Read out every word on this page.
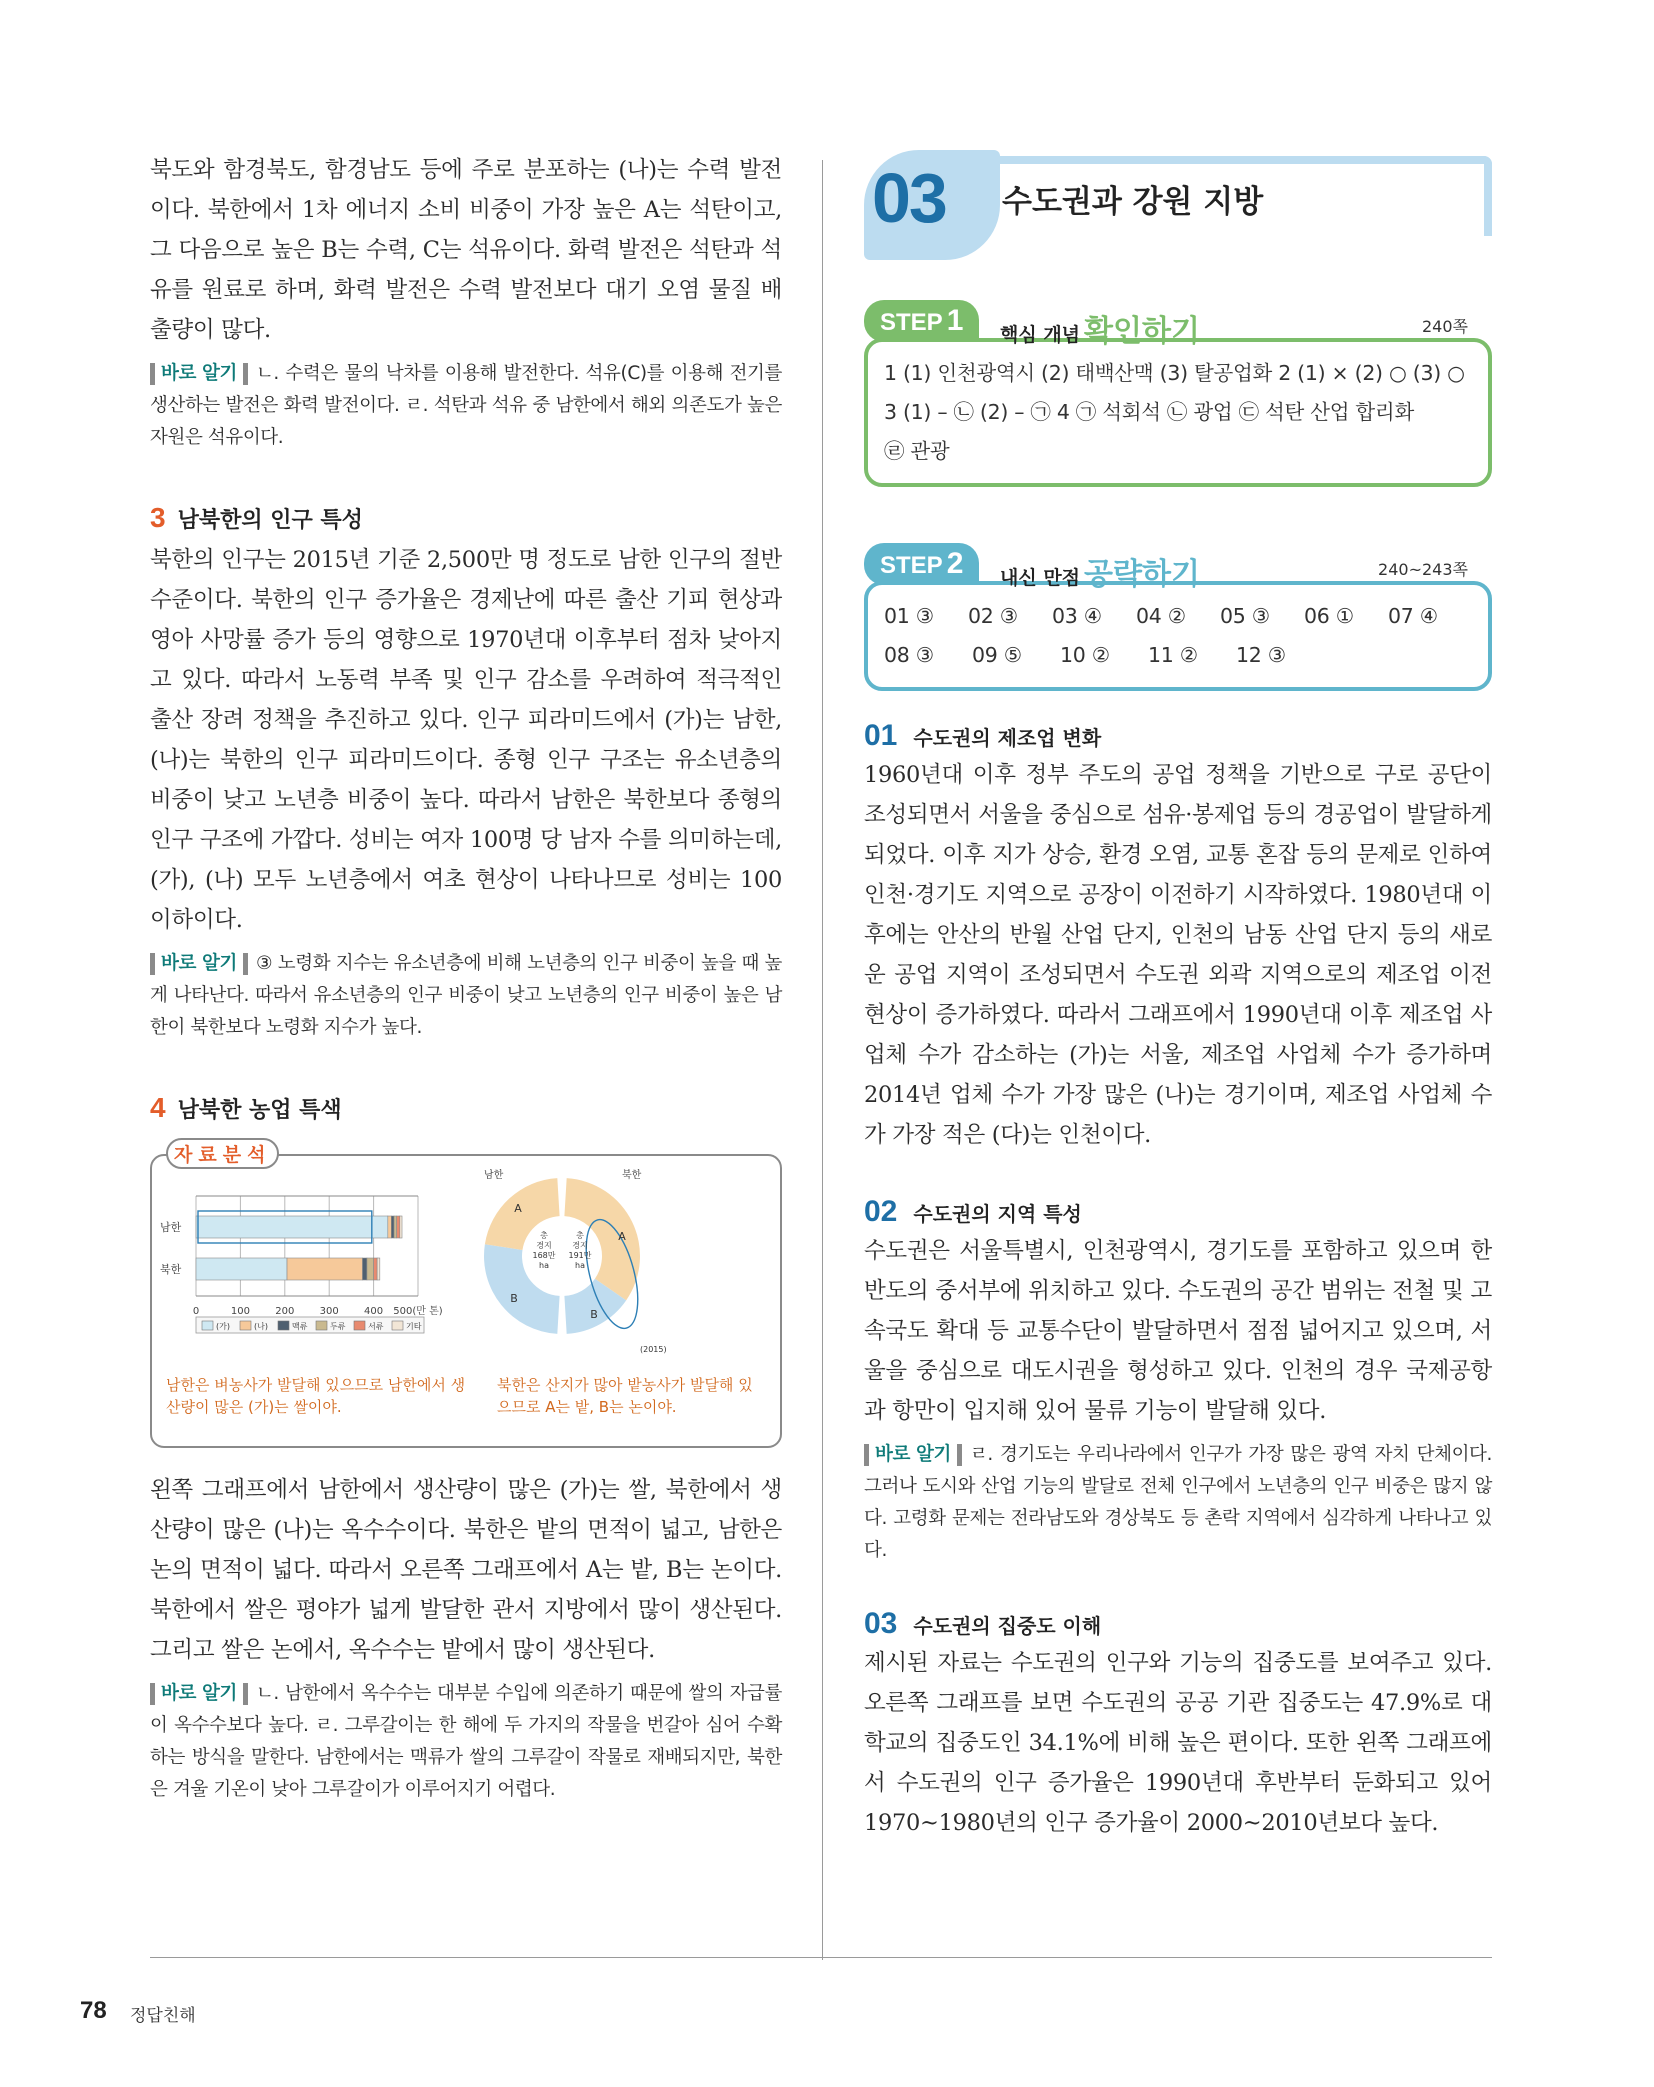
북도와 함경북도, 함경남도 등에 주로 분포하는 (나)는 수력 발전이다. 북한에서 1차 에너지 소비 비중이 가장 높은 A는 석탄이고, 그 다음으로 높은 B는 수력, C는 석유이다. 화력 발전은 석탄과 석유를 원료로 하며, 화력 발전은 수력 발전보다 대기 오염 물질 배출량이 많다.

바로 알기 ㄴ. 수력은 물의 낙차를 이용해 발전한다. 석유(C)를 이용해 전기를 생산하는 발전은 화력 발전이다. ㄹ. 석탄과 석유 중 남한에서 해외 의존도가 높은 자원은 석유이다.

3 남북한의 인구 특성

북한의 인구는 2015년 기준 2,500만 명 정도로 남한 인구의 절반 수준이다. 북한의 인구 증가율은 경제난에 따른 출산 기피 현상과 영아 사망률 증가 등의 영향으로 1970년대 이후부터 점차 낮아지고 있다. 따라서 노동력 부족 및 인구 감소를 우려하여 적극적인 출산 장려 정책을 추진하고 있다. 인구 피라미드에서 (가)는 남한, (나)는 북한의 인구 피라미드이다. 종형 인구 구조는 유소년층의 비중이 낮고 노년층 비중이 높다. 따라서 남한은 북한보다 종형의 인구 구조에 가깝다. 성비는 여자 100명 당 남자 수를 의미하는데, (가), (나) 모두 노년층에서 여초 현상이 나타나므로 성비는 100 이하이다.

바로 알기 ③ 노령화 지수는 유소년층에 비해 노년층의 인구 비중이 높을 때 높게 나타난다. 따라서 유소년층의 인구 비중이 낮고 노년층의 인구 비중이 높은 남한이 북한보다 노령화 지수가 높다.

4 남북한 농업 특색
자료분석
0	100	200	300	400 500(만 톤)
남한
북한
(가)	(나)	맥류	두류	서류	기타
A
B
A
B
총
경지
168만
ha
총
경지
191만
ha
남한	북한
(2015)
남한은 벼농사가 발달해 있으므로 남한에서 생산량이 많은 (가)는 쌀이야.
북한은 산지가 많아 밭농사가 발달해 있으므로 A는 밭, B는 논이야.

왼쪽 그래프에서 남한에서 생산량이 많은 (가)는 쌀, 북한에서 생산량이 많은 (나)는 옥수수이다. 북한은 밭의 면적이 넓고, 남한은 논의 면적이 넓다. 따라서 오른쪽 그래프에서 A는 밭, B는 논이다. 북한에서 쌀은 평야가 넓게 발달한 관서 지방에서 많이 생산된다. 그리고 쌀은 논에서, 옥수수는 밭에서 많이 생산된다.

바로 알기 ㄴ. 남한에서 옥수수는 대부분 수입에 의존하기 때문에 쌀의 자급률이 옥수수보다 높다. ㄹ. 그루갈이는 한 해에 두 가지의 작물을 번갈아 심어 수확하는 방식을 말한다. 남한에서는 맥류가 쌀의 그루갈이 작물로 재배되지만, 북한은 겨울 기온이 낮아 그루갈이가 이루어지기 어렵다.

03 수도권과 강원 지방
STEP 1 핵심 개념 확인하기	240쪽
1 (1) 인천광역시 (2) 태백산맥 (3) 탈공업화 2 (1) × (2) ○ (3) ○
3 (1) – ㉡ (2) – ㉠ 4 ㉠ 석회석 ㉡ 광업 ㉢ 석탄 산업 합리화
㉣ 관광
STEP 2 내신 만점 공략하기	240~243쪽
01 ③	02 ③	03 ④	04 ②	05 ③	06 ①	07 ④
08 ③	09 ⑤	10 ②	11 ②	12 ③
01 수도권의 제조업 변화

1960년대 이후 정부 주도의 공업 정책을 기반으로 구로 공단이 조성되면서 서울을 중심으로 섬유·봉제업 등의 경공업이 발달하게 되었다. 이후 지가 상승, 환경 오염, 교통 혼잡 등의 문제로 인하여 인천·경기도 지역으로 공장이 이전하기 시작하였다. 1980년대 이후에는 안산의 반월 산업 단지, 인천의 남동 산업 단지 등의 새로운 공업 지역이 조성되면서 수도권 외곽 지역으로의 제조업 이전 현상이 증가하였다. 따라서 그래프에서 1990년대 이후 제조업 사업체 수가 감소하는 (가)는 서울, 제조업 사업체 수가 증가하며 2014년 업체 수가 가장 많은 (나)는 경기이며, 제조업 사업체 수가 가장 적은 (다)는 인천이다.

02 수도권의 지역 특성

수도권은 서울특별시, 인천광역시, 경기도를 포함하고 있으며 한반도의 중서부에 위치하고 있다. 수도권의 공간 범위는 전철 및 고속국도 확대 등 교통수단이 발달하면서 점점 넓어지고 있으며, 서울을 중심으로 대도시권을 형성하고 있다. 인천의 경우 국제공항과 항만이 입지해 있어 물류 기능이 발달해 있다.

바로 알기 ㄹ. 경기도는 우리나라에서 인구가 가장 많은 광역 자치 단체이다. 그러나 도시와 산업 기능의 발달로 전체 인구에서 노년층의 인구 비중은 많지 않다. 고령화 문제는 전라남도와 경상북도 등 촌락 지역에서 심각하게 나타나고 있다.

03 수도권의 집중도 이해

제시된 자료는 수도권의 인구와 기능의 집중도를 보여주고 있다. 오른쪽 그래프를 보면 수도권의 공공 기관 집중도는 47.9%로 대학교의 집중도인 34.1%에 비해 높은 편이다. 또한 왼쪽 그래프에서 수도권의 인구 증가율은 1990년대 후반부터 둔화되고 있어 1970~1980년의 인구 증가율이 2000~2010년보다 높다.

78 정답친해
